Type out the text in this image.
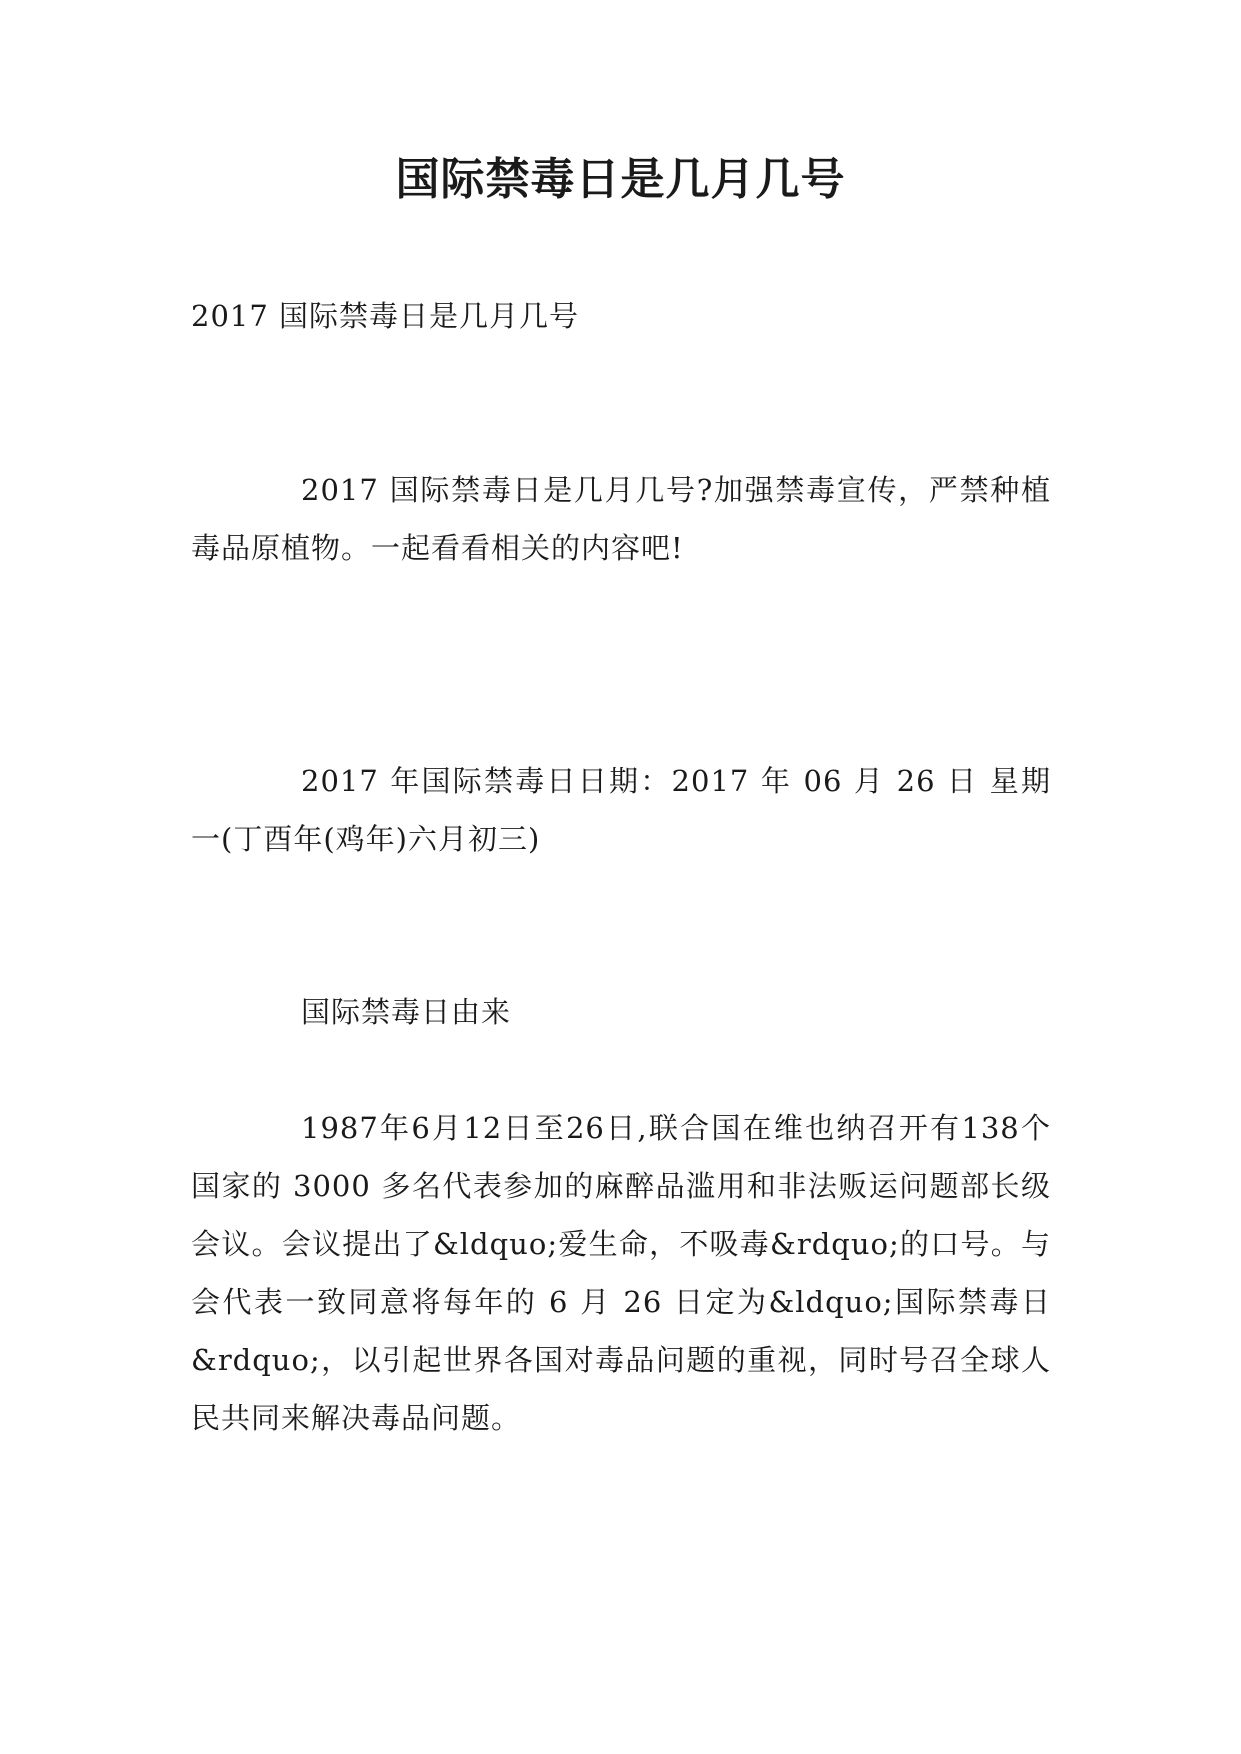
国际禁毒日是几月几号

2017 国际禁毒日是几月几号

2017 国际禁毒日是几月几号?加强禁毒宣传，严禁种植毒品原植物。一起看看相关的内容吧!

2017 年国际禁毒日日期：2017 年 06 月 26 日 星期一(丁酉年(鸡年)六月初三)

国际禁毒日由来

1987年6月12日至26日,联合国在维也纳召开有138个国家的 3000 多名代表参加的麻醉品滥用和非法贩运问题部长级会议。会议提出了&ldquo;爱生命，不吸毒&rdquo;的口号。与会代表一致同意将每年的 6 月 26 日定为&ldquo;国际禁毒日&rdquo;，以引起世界各国对毒品问题的重视，同时号召全球人民共同来解决毒品问题。
